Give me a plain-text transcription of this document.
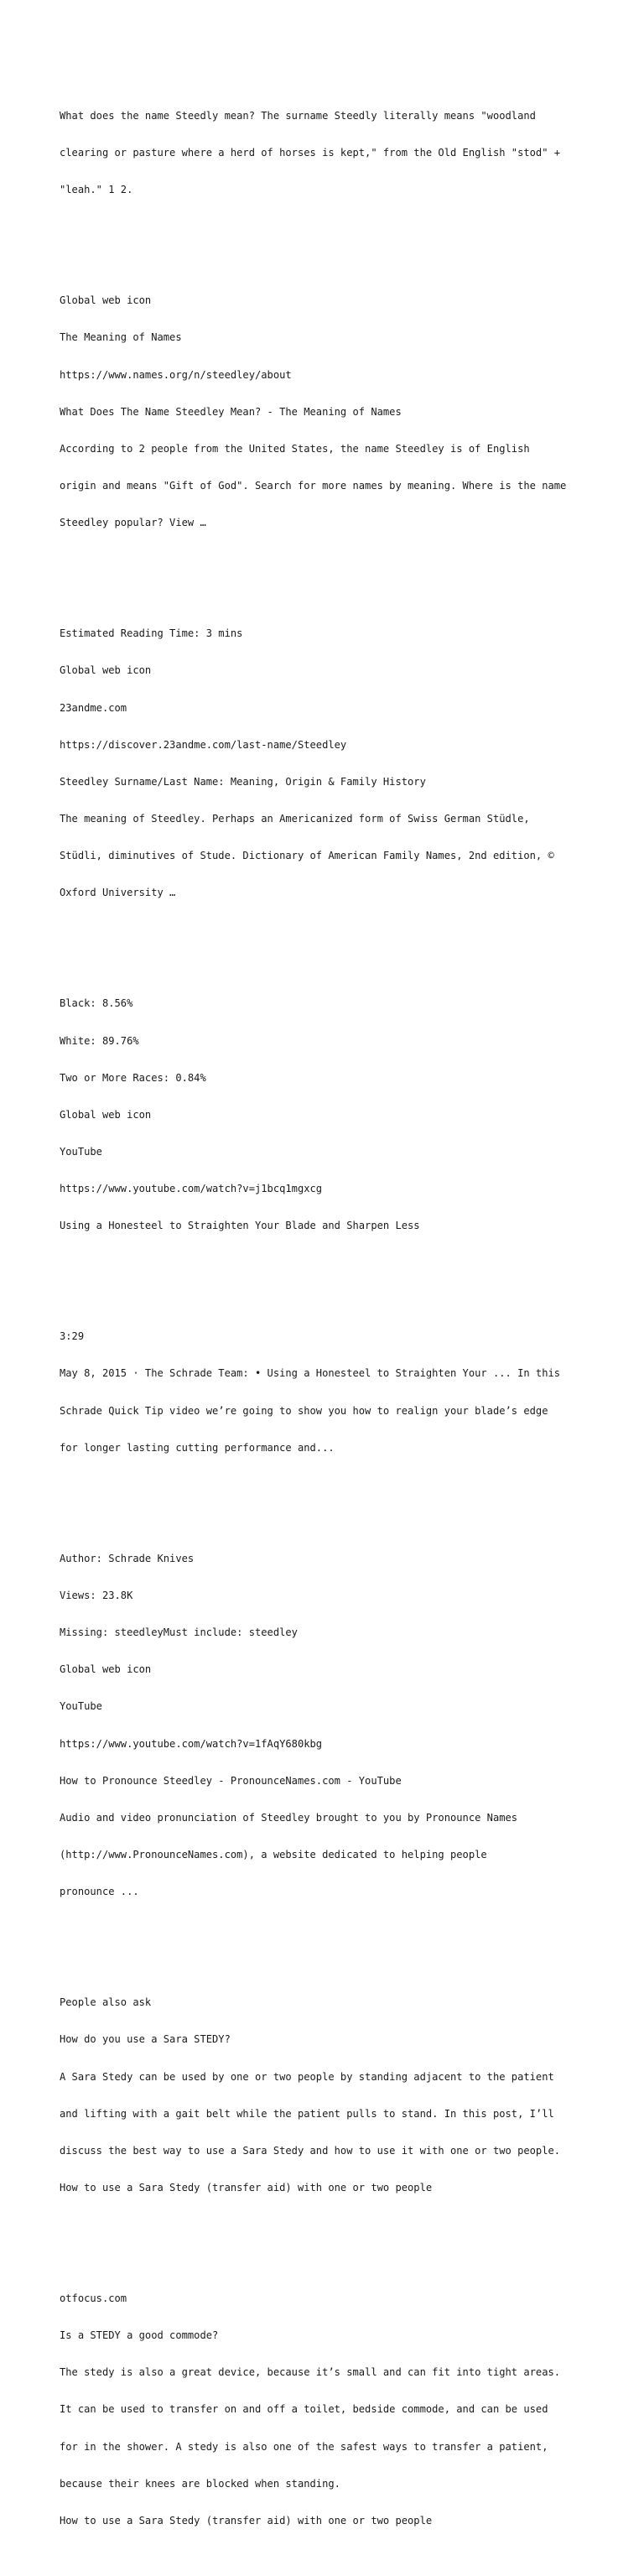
What does the name Steedly mean? The surname Steedly literally means "woodland

clearing or pasture where a herd of horses is kept," from the Old English "stod" +

"leah." 1 2.

Global web icon

The Meaning of Names

https://www.names.org/n/steedley/about

What Does The Name Steedley Mean? - The Meaning of Names

According to 2 people from the United States, the name Steedley is of English

origin and means "Gift of God". Search for more names by meaning. Where is the name

Steedley popular? View …

Estimated Reading Time: 3 mins

Global web icon

23andme.com

https://discover.23andme.com/last-name/Steedley

Steedley Surname/Last Name: Meaning, Origin & Family History

The meaning of Steedley. Perhaps an Americanized form of Swiss German Stüdle,

Stüdli, diminutives of Stude. Dictionary of American Family Names, 2nd edition, ©

Oxford University …

Black: 8.56%

White: 89.76%

Two or More Races: 0.84%

Global web icon

YouTube

https://www.youtube.com/watch?v=j1bcq1mgxcg

Using a Honesteel to Straighten Your Blade and Sharpen Less

3:29

May 8, 2015 · The Schrade Team: • Using a Honesteel to Straighten Your ... In this

Schrade Quick Tip video we’re going to show you how to realign your blade’s edge

for longer lasting cutting performance and...

Author: Schrade Knives

Views: 23.8K

Missing: steedleyMust include: steedley

Global web icon

YouTube

https://www.youtube.com/watch?v=1fAqY680kbg

How to Pronounce Steedley - PronounceNames.com - YouTube

Audio and video pronunciation of Steedley brought to you by Pronounce Names

(http://www.PronounceNames.com), a website dedicated to helping people

pronounce ...

People also ask

How do you use a Sara STEDY?

A Sara Stedy can be used by one or two people by standing adjacent to the patient

and lifting with a gait belt while the patient pulls to stand. In this post, I’ll

discuss the best way to use a Sara Stedy and how to use it with one or two people.

How to use a Sara Stedy (transfer aid) with one or two people

otfocus.com

Is a STEDY a good commode?

The stedy is also a great device, because it’s small and can fit into tight areas.

It can be used to transfer on and off a toilet, bedside commode, and can be used

for in the shower. A stedy is also one of the safest ways to transfer a patient,

because their knees are blocked when standing.

How to use a Sara Stedy (transfer aid) with one or two people
